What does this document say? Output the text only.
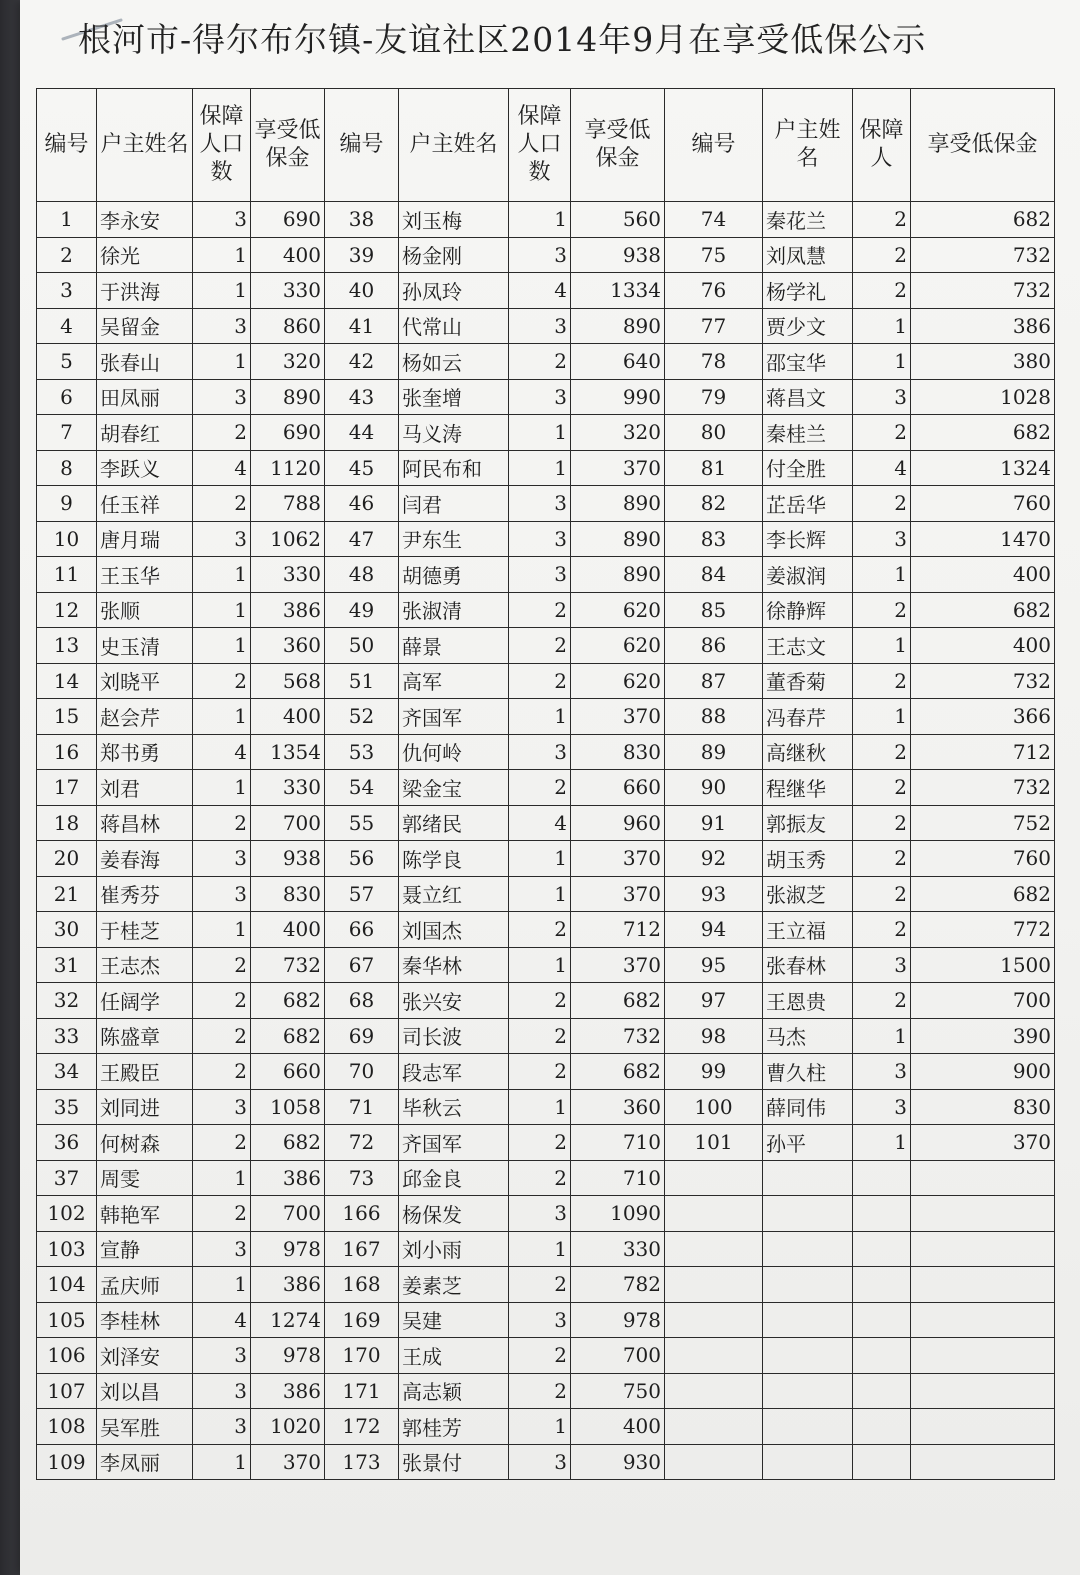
根河市-得尔布尔镇-友谊社区2014年9月在享受低保公示
编号	户主姓名	保障人口数	享受低保金	编号	户主姓名	保障人口数	享受低保金	编号	户主姓名	保障人	享受低保金
1	李永安	3	690	38	刘玉梅	1	560	74	秦花兰	2	682
2	徐光	1	400	39	杨金刚	3	938	75	刘凤慧	2	732
3	于洪海	1	330	40	孙凤玲	4	1334	76	杨学礼	2	732
4	吴留金	3	860	41	代常山	3	890	77	贾少文	1	386
5	张春山	1	320	42	杨如云	2	640	78	邵宝华	1	380
6	田凤丽	3	890	43	张奎增	3	990	79	蒋昌文	3	1028
7	胡春红	2	690	44	马义涛	1	320	80	秦桂兰	2	682
8	李跃义	4	1120	45	阿民布和	1	370	81	付全胜	4	1324
9	任玉祥	2	788	46	闫君	3	890	82	芷岳华	2	760
10	唐月瑞	3	1062	47	尹东生	3	890	83	李长辉	3	1470
11	王玉华	1	330	48	胡德勇	3	890	84	姜淑润	1	400
12	张顺	1	386	49	张淑清	2	620	85	徐静辉	2	682
13	史玉清	1	360	50	薛景	2	620	86	王志文	1	400
14	刘晓平	2	568	51	高军	2	620	87	董香菊	2	732
15	赵会芹	1	400	52	齐国军	1	370	88	冯春芹	1	366
16	郑书勇	4	1354	53	仇何岭	3	830	89	高继秋	2	712
17	刘君	1	330	54	梁金宝	2	660	90	程继华	2	732
18	蒋昌林	2	700	55	郭绪民	4	960	91	郭振友	2	752
20	姜春海	3	938	56	陈学良	1	370	92	胡玉秀	2	760
21	崔秀芬	3	830	57	聂立红	1	370	93	张淑芝	2	682
30	于桂芝	1	400	66	刘国杰	2	712	94	王立福	2	772
31	王志杰	2	732	67	秦华林	1	370	95	张春林	3	1500
32	任阔学	2	682	68	张兴安	2	682	97	王恩贵	2	700
33	陈盛章	2	682	69	司长波	2	732	98	马杰	1	390
34	王殿臣	2	660	70	段志军	2	682	99	曹久柱	3	900
35	刘同进	3	1058	71	毕秋云	1	360	100	薛同伟	3	830
36	何树森	2	682	72	齐国军	2	710	101	孙平	1	370
37	周雯	1	386	73	邱金良	2	710				
102	韩艳军	2	700	166	杨保发	3	1090				
103	宣静	3	978	167	刘小雨	1	330				
104	孟庆师	1	386	168	姜素芝	2	782				
105	李桂林	4	1274	169	吴建	3	978				
106	刘泽安	3	978	170	王成	2	700				
107	刘以昌	3	386	171	高志颖	2	750				
108	吴军胜	3	1020	172	郭桂芳	1	400				
109	李凤丽	1	370	173	张景付	3	930				
